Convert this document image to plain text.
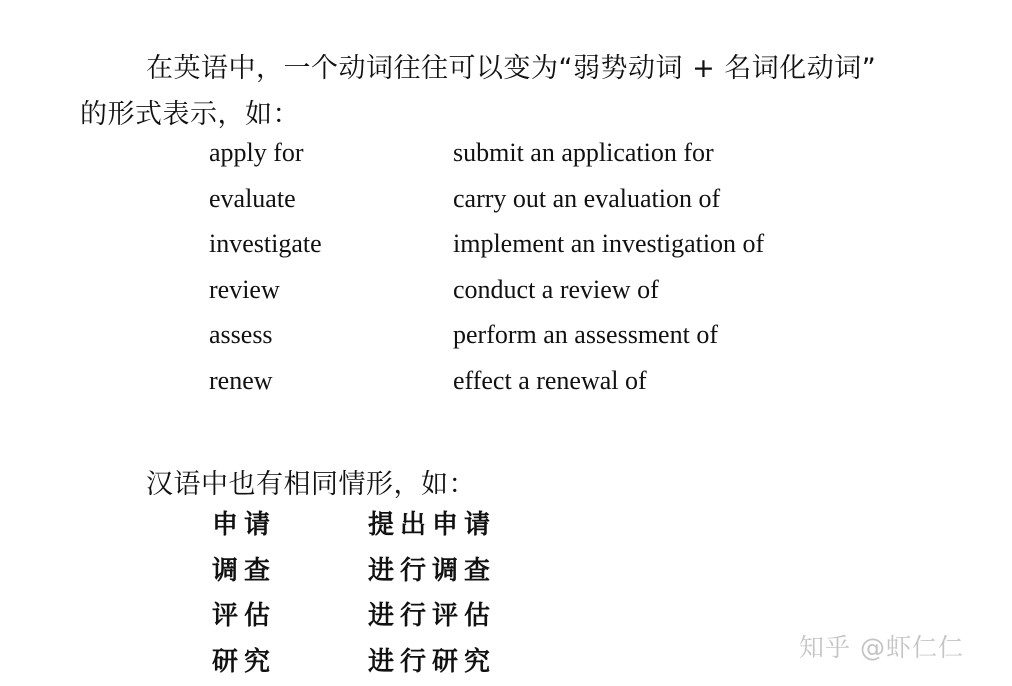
在英语中，一个动词往往可以变为“弱势动词 + 名词化动词”
的形式表示，如：
apply for	submit an application for
evaluate	carry out an evaluation of
investigate	implement an investigation of
review	conduct a review of
assess	perform an assessment of
renew	effect a renewal of
汉语中也有相同情形，如：
申请	提出申请
调查	进行调查
评估	进行评估
研究	进行研究	知乎 @虾仁仁
